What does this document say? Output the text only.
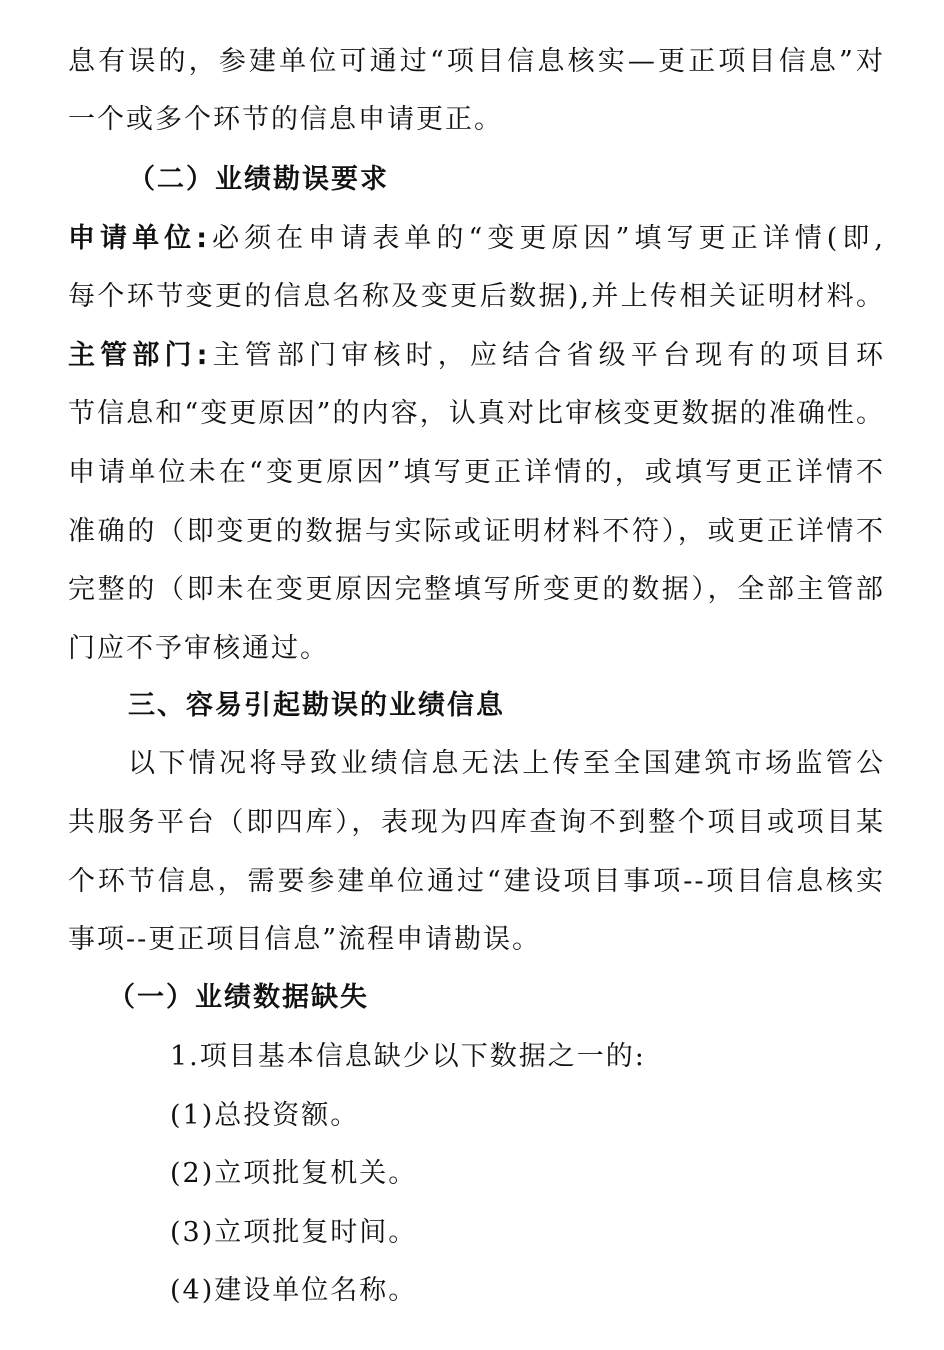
息有误的，参建单位可通过“项目信息核实—更正项目信息”对

一个或多个环节的信息申请更正。

（二）业绩勘误要求

申请单位:必须在申请表单的“变更原因”填写更正详情(即,

每个环节变更的信息名称及变更后数据),并上传相关证明材料。

主管部门:主管部门审核时，应结合省级平台现有的项目环

节信息和“变更原因”的内容，认真对比审核变更数据的准确性。

申请单位未在“变更原因”填写更正详情的，或填写更正详情不

准确的（即变更的数据与实际或证明材料不符），或更正详情不

完整的（即未在变更原因完整填写所变更的数据），全部主管部

门应不予审核通过。

三、容易引起勘误的业绩信息

以下情况将导致业绩信息无法上传至全国建筑市场监管公

共服务平台（即四库），表现为四库查询不到整个项目或项目某

个环节信息，需要参建单位通过“建设项目事项--项目信息核实

事项--更正项目信息”流程申请勘误。

（一）业绩数据缺失

1.项目基本信息缺少以下数据之一的:

(1)总投资额。

(2)立项批复机关。

(3)立项批复时间。

(4)建设单位名称。
